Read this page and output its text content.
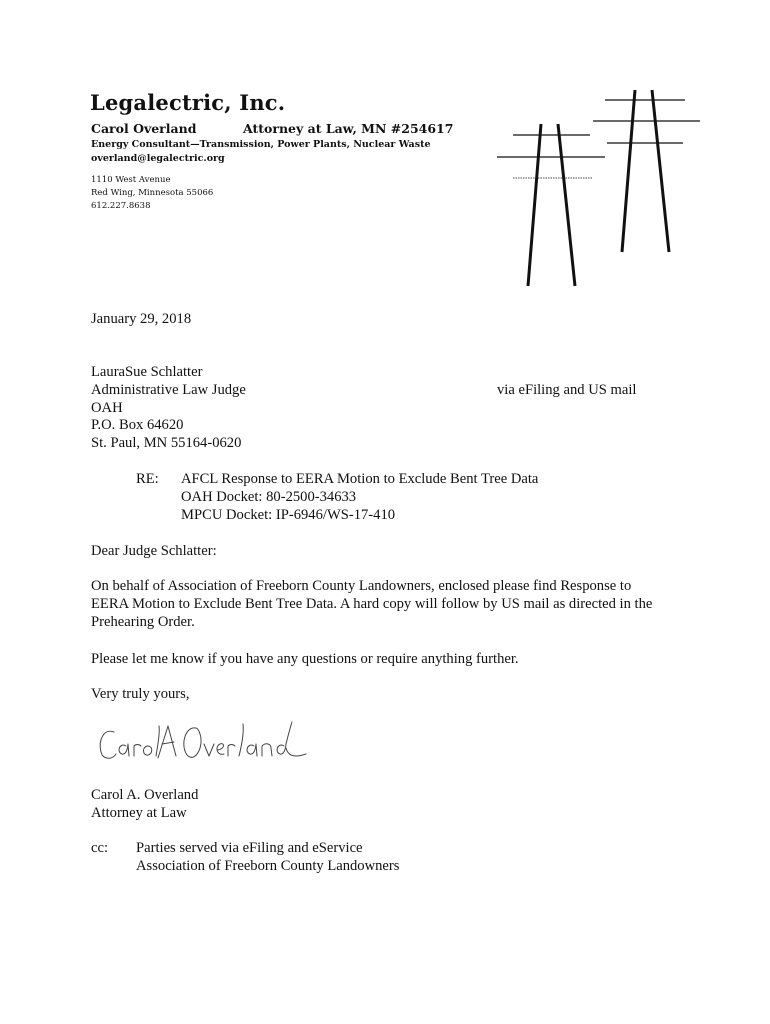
Legalectric, Inc.
Carol Overland	Attorney at Law, MN #254617
Energy Consultant—Transmission, Power Plants, Nuclear Waste
overland@legalectric.org
1110 West Avenue
Red Wing, Minnesota 55066
612.227.8638
January 29, 2018
LauraSue Schlatter
Administrative Law Judge	via eFiling and US mail
OAH
P.O. Box 64620
St. Paul, MN 55164-0620
RE: AFCL Response to EERA Motion to Exclude Bent Tree Data
OAH Docket: 80-2500-34633
MPCU Docket: IP-6946/WS-17-410
Dear Judge Schlatter:
On behalf of Association of Freeborn County Landowners, enclosed please find Response to
EERA Motion to Exclude Bent Tree Data. A hard copy will follow by US mail as directed in the
Prehearing Order.
Please let me know if you have any questions or require anything further.
Very truly yours,
Carol A. Overland
Attorney at Law
cc: Parties served via eFiling and eService
Association of Freeborn County Landowners
